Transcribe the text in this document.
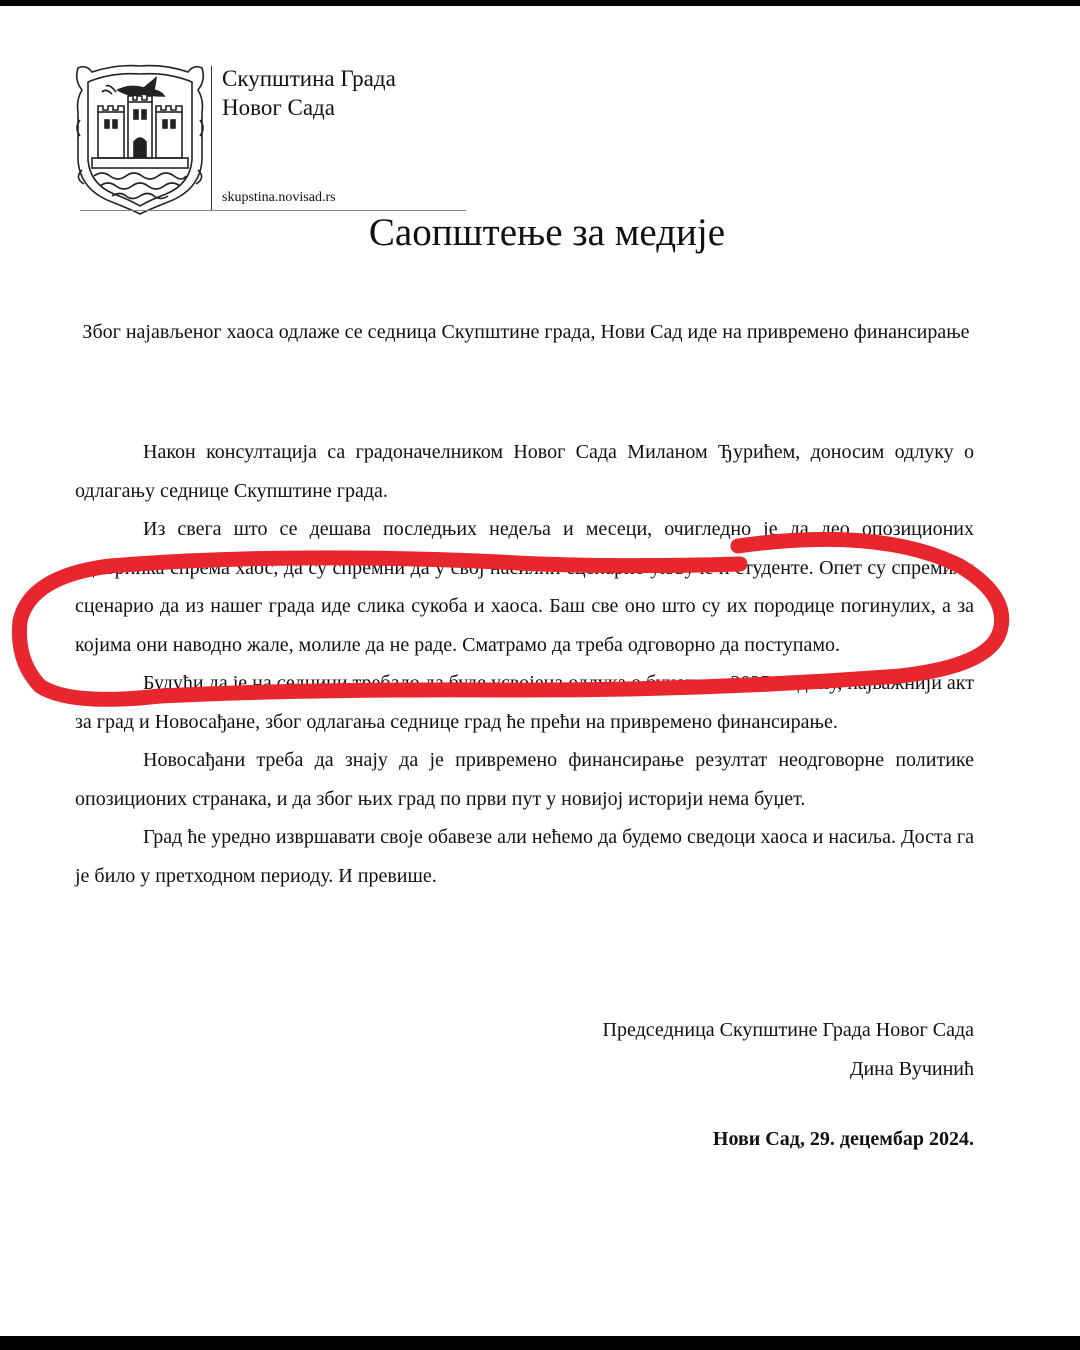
Скупштина Града
Новог Сада
skupstina.novisad.rs
Саопштење за медије
Због најављеног хаоса одлаже се седница Скупштине града, Нови Сад иде на привремено финансирање

Након консултација са градоначелником Новог Сада Миланом Ђурићем, доносим одлуку о одлагању седнице Скупштине града.

Из свега што се дешава последњих недеља и месеци, очигледно је да део опозиционих одборника спрема хаос, да су спремни да у свој насилни сценарио укључе и студенте. Опет су спремили сценарио да из нашег града иде слика сукоба и хаоса. Баш све оно што су их породице погинулих, а за којима они наводно жале, молиле да не раде. Сматрамо да треба одговорно да поступамо.

Будући да је на седници требало да буде усвојена одлука о буџету за 2025. годину, најважнији акт за град и Новосађане, због одлагања седнице град ће прећи на привремено финансирање.

Новосађани треба да знају да је привремено финансирање резултат неодговорне политике опозиционих странака, и да због њих град по први пут у новијој историји нема буџет.

Град ће уредно извршавати своје обавезе али нећемо да будемо сведоци хаоса и насиља. Доста га је било у претходном периоду. И превише.

Председница Скупштине Града Новог Сада
Дина Вучинић
Нови Сад, 29. децембар 2024.
